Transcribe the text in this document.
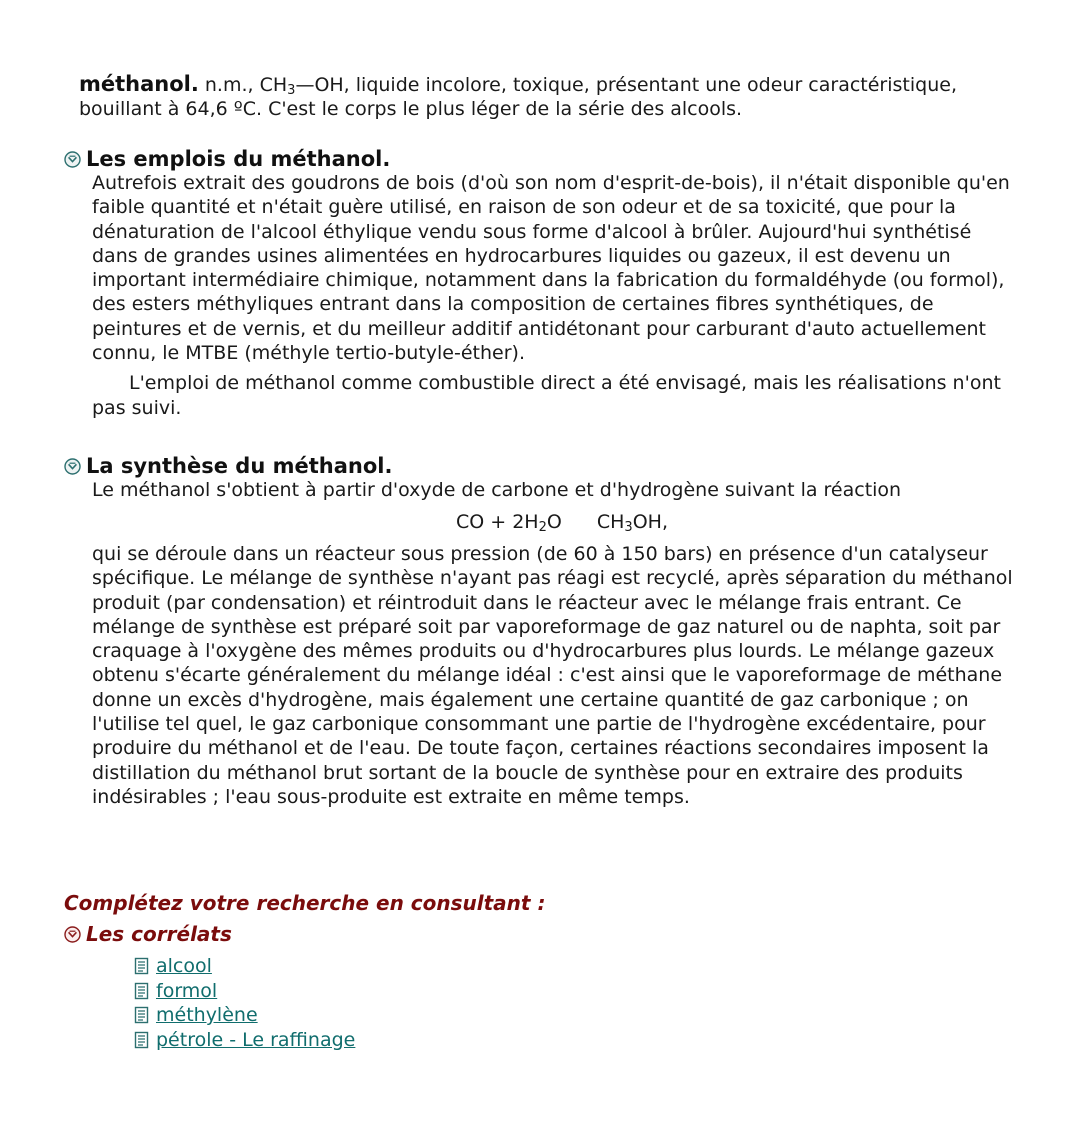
méthanol. n.m., $CH_3—OH$, liquide incolore, toxique, présentant une odeur caractéristique, bouillant à 64,6 ºC. C'est le corps le plus léger de la série des alcools.
Les emplois du méthanol.

Autrefois extrait des goudrons de bois (d'où son nom d'esprit-de-bois), il n'était disponible qu'en faible quantité et n'était guère utilisé, en raison de son odeur et de sa toxicité, que pour la dénaturation de l'alcool éthylique vendu sous forme d'alcool à brûler. Aujourd'hui synthétisé dans de grandes usines alimentées en hydrocarbures liquides ou gazeux, il est devenu un important intermédiaire chimique, notamment dans la fabrication du formaldéhyde (ou formol), des esters méthyliques entrant dans la composition de certaines fibres synthétiques, de peintures et de vernis, et du meilleur additif antidétonant pour carburant d'auto actuellement connu, le MTBE (méthyle tertio-butyle-éther).

L'emploi de méthanol comme combustible direct a été envisagé, mais les réalisations n'ont pas suivi.

La synthèse du méthanol.

Le méthanol s'obtient à partir d'oxyde de carbone et d'hydrogène suivant la réaction

CO + $2H_2O$ $CH_3OH$,

qui se déroule dans un réacteur sous pression (de 60 à 150 bars) en présence d'un catalyseur spécifique. Le mélange de synthèse n'ayant pas réagi est recyclé, après séparation du méthanol produit (par condensation) et réintroduit dans le réacteur avec le mélange frais entrant. Ce mélange de synthèse est préparé soit par vaporeformage de gaz naturel ou de naphta, soit par craquage à l'oxygène des mêmes produits ou d'hydrocarbures plus lourds. Le mélange gazeux obtenu s'écarte généralement du mélange idéal : c'est ainsi que le vaporeformage de méthane donne un excès d'hydrogène, mais également une certaine quantité de gaz carbonique ; on l'utilise tel quel, le gaz carbonique consommant une partie de l'hydrogène excédentaire, pour produire du méthanol et de l'eau. De toute façon, certaines réactions secondaires imposent la distillation du méthanol brut sortant de la boucle de synthèse pour en extraire des produits indésirables ; l'eau sous-produite est extraite en même temps.

Complétez votre recherche en consultant :
Les corrélats
alcool
formol
méthylène
pétrole - Le raffinage
